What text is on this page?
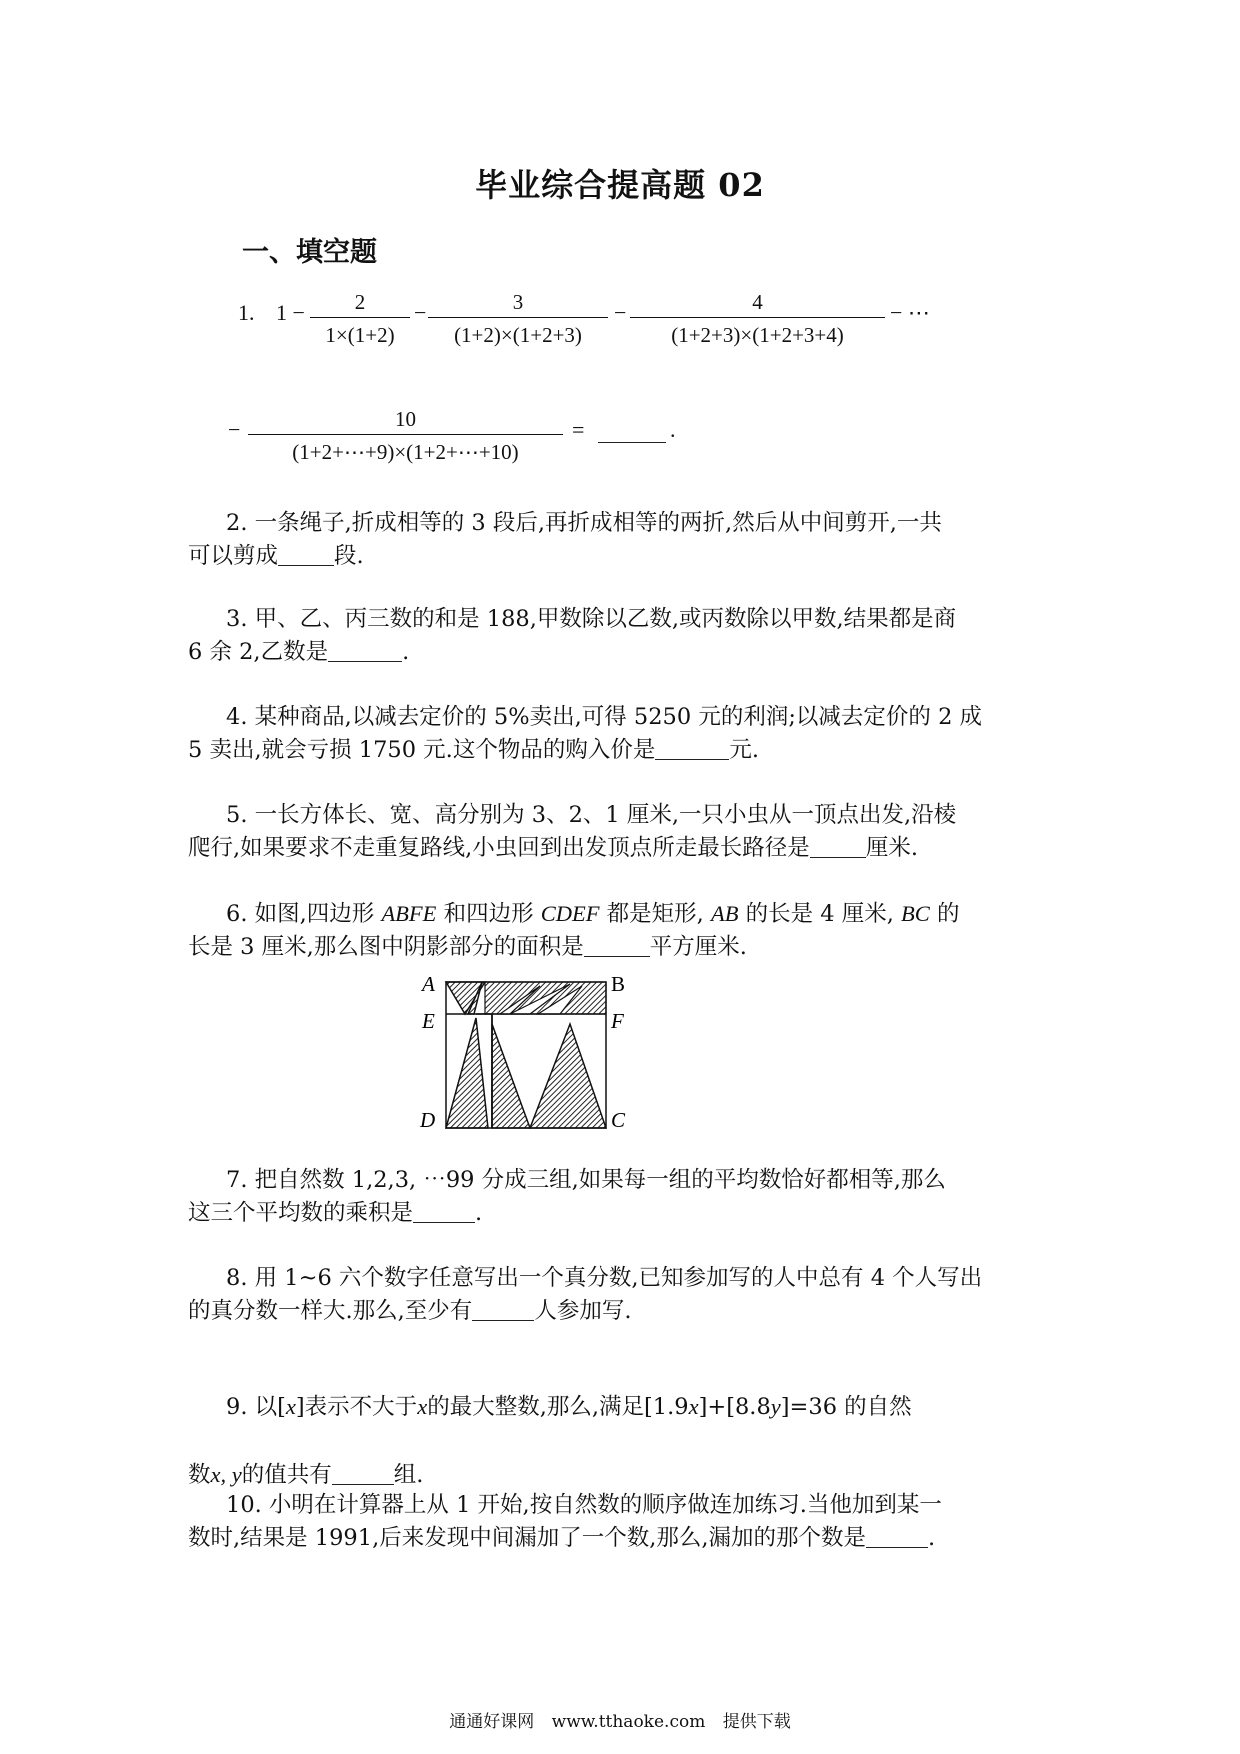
毕业综合提高题 02
一、填空题
1. $1 - \frac{2}{1\times(1+2)} - \frac{3}{(1+2)\times(1+2+3)} - \frac{4}{(1+2+3)\times(1+2+3+4)}$ − ⋯
− $\frac{10}{(1+2+\cdots+9)\times(1+2+\cdots+10)}$ =	.
2. 一条绳子,折成相等的 3 段后,再折成相等的两折,然后从中间剪开,一共
可以剪成 段.
3. 甲、乙、丙三数的和是 188,甲数除以乙数,或丙数除以甲数,结果都是商
6 余 2,乙数是	.
4. 某种商品,以减去定价的 5%卖出,可得 5250 元的利润;以减去定价的 2 成
5 卖出,就会亏损 1750 元.这个物品的购入价是	元.
5. 一长方体长、宽、高分别为 3、2、1 厘米,一只小虫从一顶点出发,沿棱
爬行,如果要求不走重复路线,小虫回到出发顶点所走最长路径是 厘米.
6. 如图,四边形 ABFE 和四边形 CDEF 都是矩形, AB 的长是 4 厘米, BC 的
长是 3 厘米,那么图中阴影部分的面积是	平方厘米.
A	B
E	F
D	C
7. 把自然数 1,2,3, ⋯99 分成三组,如果每一组的平均数恰好都相等,那么
这三个平均数的乘积是	.
8. 用 1~6 六个数字任意写出一个真分数,已知参加写的人中总有 4 个人写出
的真分数一样大.那么,至少有	人参加写.
9. 以[x]表示不大于x的最大整数,那么,满足[1.9x]+[8.8y]=36 的自然
数x, y的值共有	组.
10. 小明在计算器上从 1 开始,按自然数的顺序做连加练习.当他加到某一
数时,结果是 1991,后来发现中间漏加了一个数,那么,漏加的那个数是	.
通通好课网 www.tthaoke.com 提供下载
